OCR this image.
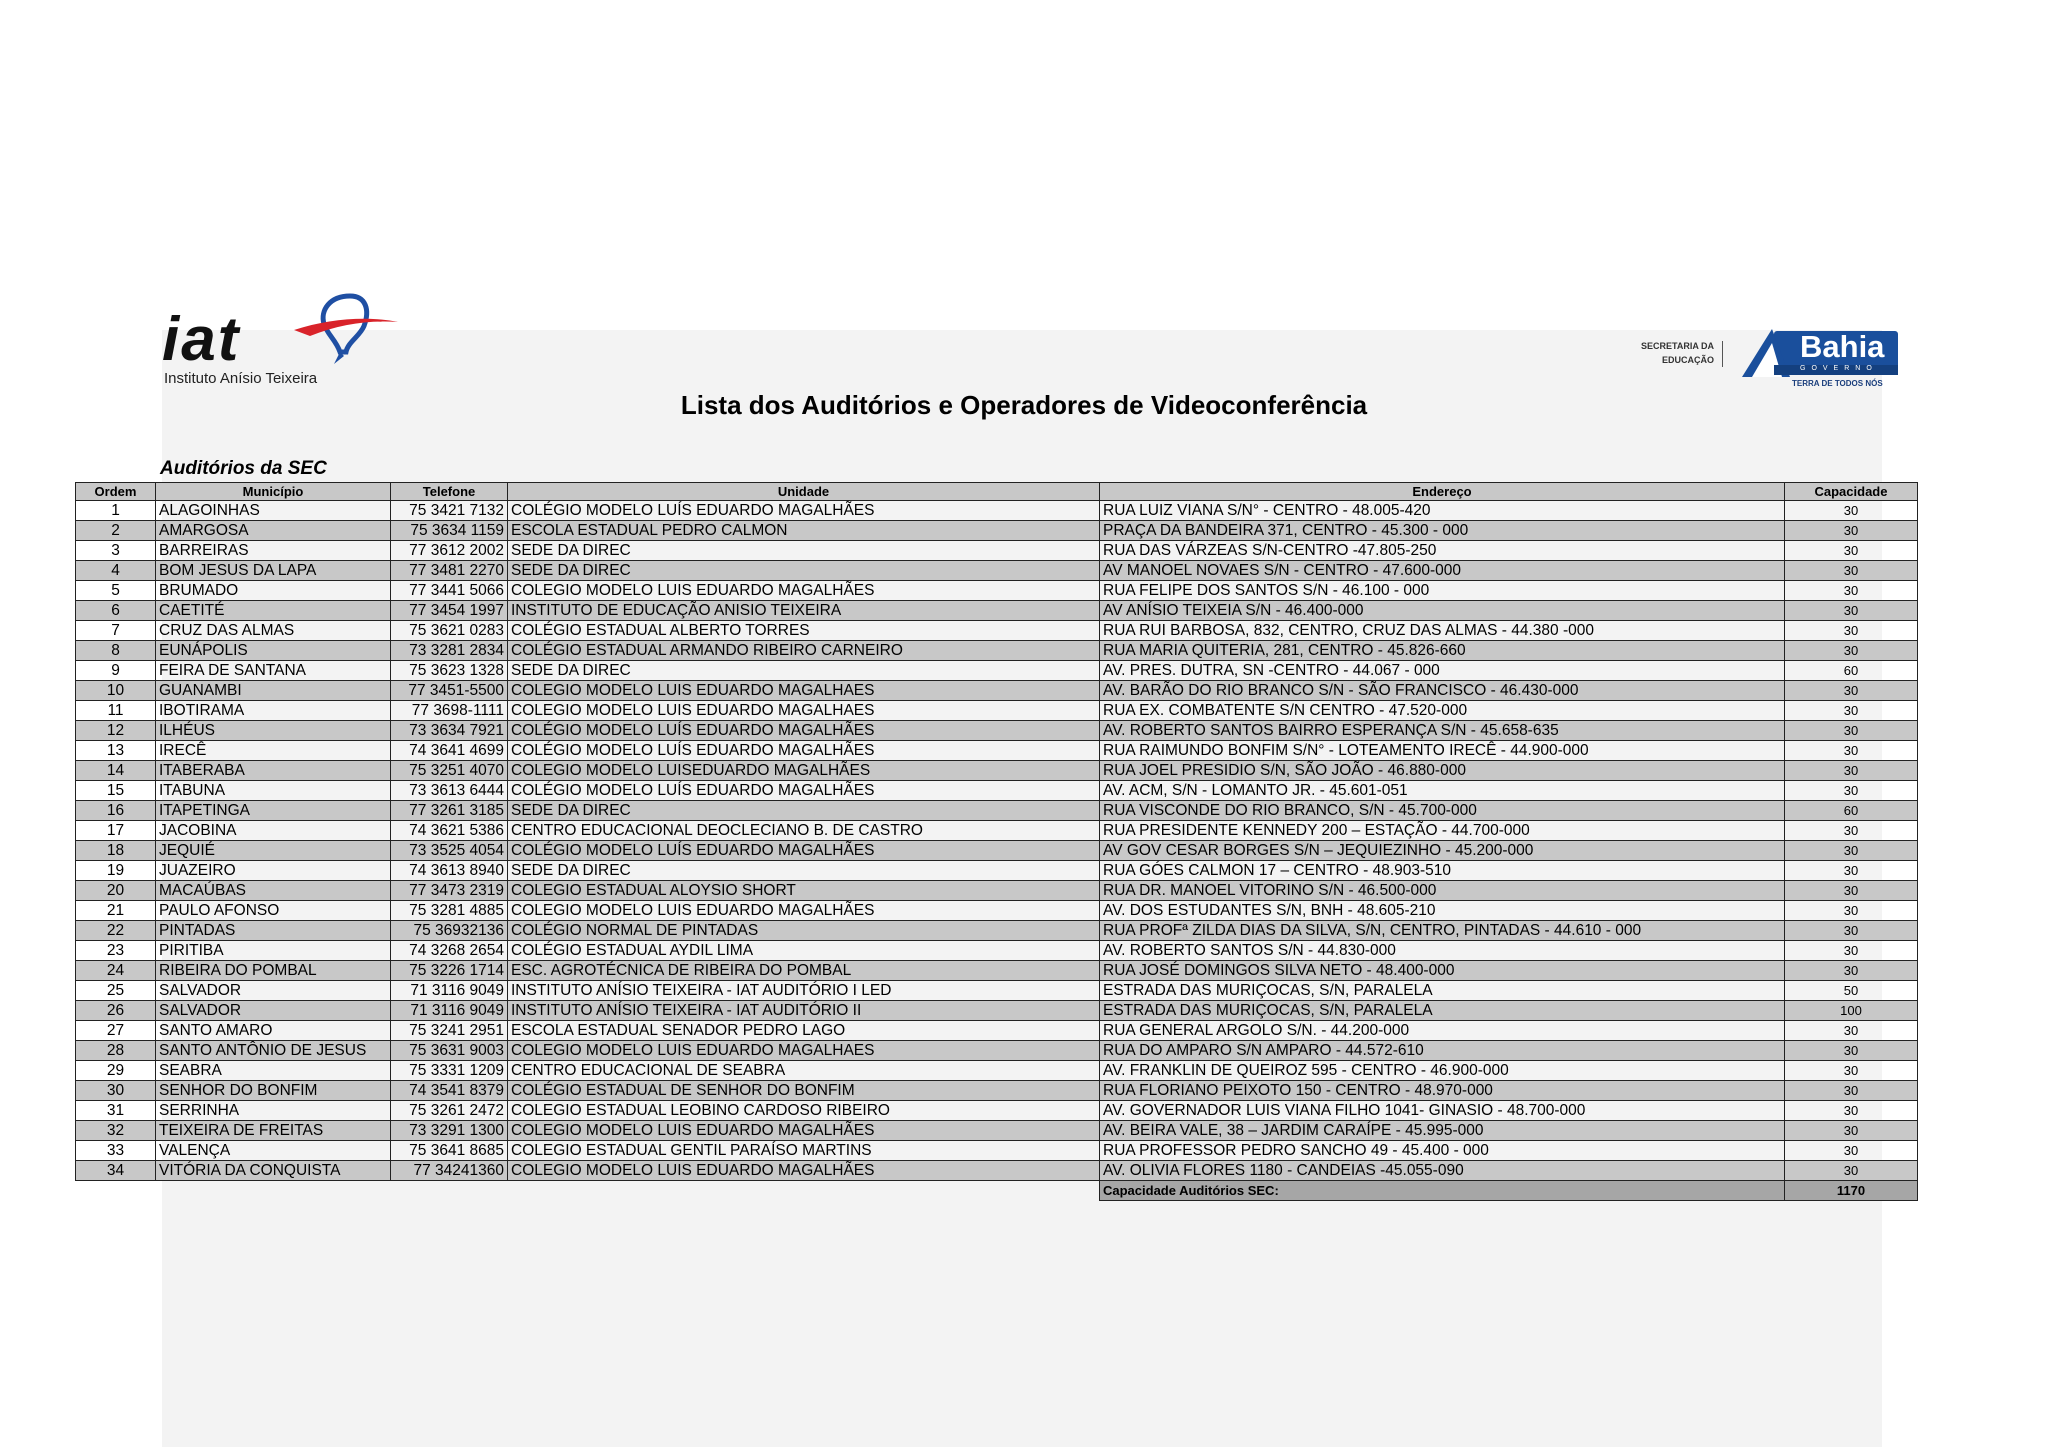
iat
Instituto Anísio Teixeira
SECRETARIA DA
EDUCAÇÃO	Bahia
GOVERNO
TERRA DE TODOS NÓS
Lista dos Auditórios e Operadores de Videoconferência
Auditórios da SEC
Ordem	Município	Telefone	Unidade	Endereço	Capacidade
1	ALAGOINHAS	75 3421 7132	COLÉGIO MODELO LUÍS EDUARDO MAGALHÃES	RUA LUIZ VIANA S/N° - CENTRO - 48.005-420	30
2	AMARGOSA	75 3634 1159	ESCOLA ESTADUAL PEDRO CALMON	PRAÇA DA BANDEIRA 371, CENTRO - 45.300 - 000	30
3	BARREIRAS	77 3612 2002	SEDE DA DIREC	RUA DAS VÁRZEAS S/N-CENTRO -47.805-250	30
4	BOM JESUS DA LAPA	77 3481 2270	SEDE DA DIREC	AV MANOEL NOVAES S/N - CENTRO - 47.600-000	30
5	BRUMADO	77 3441 5066	COLEGIO MODELO LUIS EDUARDO MAGALHÃES	RUA FELIPE DOS SANTOS S/N - 46.100 - 000	30
6	CAETITÉ	77 3454 1997	INSTITUTO DE EDUCAÇÃO ANISIO TEIXEIRA	AV ANÍSIO TEIXEIA S/N - 46.400-000	30
7	CRUZ DAS ALMAS	75 3621 0283	COLÉGIO ESTADUAL ALBERTO TORRES	RUA RUI BARBOSA, 832, CENTRO, CRUZ DAS ALMAS - 44.380 -000	30
8	EUNÁPOLIS	73 3281 2834	COLÉGIO ESTADUAL ARMANDO RIBEIRO CARNEIRO	RUA MARIA QUITERIA, 281, CENTRO - 45.826-660	30
9	FEIRA DE SANTANA	75 3623 1328	SEDE DA DIREC	AV. PRES. DUTRA, SN -CENTRO - 44.067 - 000	60
10	GUANAMBI	77 3451-5500	COLEGIO MODELO LUIS EDUARDO MAGALHAES	AV. BARÃO DO RIO BRANCO S/N - SÃO FRANCISCO - 46.430-000	30
11	IBOTIRAMA	77 3698-1111	COLEGIO MODELO LUIS EDUARDO MAGALHAES	RUA EX. COMBATENTE S/N CENTRO - 47.520-000	30
12	ILHÉUS	73 3634 7921	COLÉGIO MODELO LUÍS EDUARDO MAGALHÃES	AV. ROBERTO SANTOS BAIRRO ESPERANÇA S/N - 45.658-635	30
13	IRECÊ	74 3641 4699	COLÉGIO MODELO LUÍS EDUARDO MAGALHÃES	RUA RAIMUNDO BONFIM S/N° - LOTEAMENTO IRECÊ - 44.900-000	30
14	ITABERABA	75 3251 4070	COLEGIO MODELO LUISEDUARDO MAGALHÃES	RUA JOEL PRESIDIO S/N, SÃO JOÃO - 46.880-000	30
15	ITABUNA	73 3613 6444	COLÉGIO MODELO LUÍS EDUARDO MAGALHÃES	AV. ACM, S/N - LOMANTO JR. - 45.601-051	30
16	ITAPETINGA	77 3261 3185	SEDE DA DIREC	RUA VISCONDE DO RIO BRANCO, S/N - 45.700-000	60
17	JACOBINA	74 3621 5386	CENTRO EDUCACIONAL DEOCLECIANO B. DE CASTRO	RUA PRESIDENTE KENNEDY 200 – ESTAÇÃO - 44.700-000	30
18	JEQUIÉ	73 3525 4054	COLÉGIO MODELO LUÍS EDUARDO MAGALHÃES	AV GOV CESAR BORGES S/N – JEQUIEZINHO - 45.200-000	30
19	JUAZEIRO	74 3613 8940	SEDE DA DIREC	RUA GÓES CALMON 17 – CENTRO - 48.903-510	30
20	MACAÚBAS	77 3473 2319	COLEGIO ESTADUAL ALOYSIO SHORT	RUA DR. MANOEL VITORINO S/N - 46.500-000	30
21	PAULO AFONSO	75 3281 4885	COLEGIO MODELO LUIS EDUARDO MAGALHÃES	AV. DOS ESTUDANTES S/N, BNH - 48.605-210	30
22	PINTADAS	75 36932136	COLÉGIO NORMAL DE PINTADAS	RUA PROFª ZILDA DIAS DA SILVA, S/N, CENTRO, PINTADAS - 44.610 - 000	30
23	PIRITIBA	74 3268 2654	COLÉGIO ESTADUAL AYDIL LIMA	AV. ROBERTO SANTOS S/N - 44.830-000	30
24	RIBEIRA DO POMBAL	75 3226 1714	ESC. AGROTÉCNICA DE RIBEIRA DO POMBAL	RUA JOSÉ DOMINGOS SILVA NETO - 48.400-000	30
25	SALVADOR	71 3116 9049	INSTITUTO ANÍSIO TEIXEIRA - IAT AUDITÓRIO I LED	ESTRADA DAS MURIÇOCAS, S/N, PARALELA	50
26	SALVADOR	71 3116 9049	INSTITUTO ANÍSIO TEIXEIRA - IAT AUDITÓRIO II	ESTRADA DAS MURIÇOCAS, S/N, PARALELA	100
27	SANTO AMARO	75 3241 2951	ESCOLA ESTADUAL SENADOR PEDRO LAGO	RUA GENERAL ARGOLO S/N. - 44.200-000	30
28	SANTO ANTÔNIO DE JESUS	75 3631 9003	COLEGIO MODELO LUIS EDUARDO MAGALHAES	RUA DO AMPARO S/N AMPARO - 44.572-610	30
29	SEABRA	75 3331 1209	CENTRO EDUCACIONAL DE SEABRA	AV. FRANKLIN DE QUEIROZ 595 - CENTRO - 46.900-000	30
30	SENHOR DO BONFIM	74 3541 8379	COLÉGIO ESTADUAL DE SENHOR DO BONFIM	RUA FLORIANO PEIXOTO 150 - CENTRO - 48.970-000	30
31	SERRINHA	75 3261 2472	COLEGIO ESTADUAL LEOBINO CARDOSO RIBEIRO	AV. GOVERNADOR LUIS VIANA FILHO 1041- GINASIO - 48.700-000	30
32	TEIXEIRA DE FREITAS	73 3291 1300	COLEGIO MODELO LUIS EDUARDO MAGALHÃES	AV. BEIRA VALE, 38 – JARDIM CARAÍPE - 45.995-000	30
33	VALENÇA	75 3641 8685	COLEGIO ESTADUAL GENTIL PARAÍSO MARTINS	RUA PROFESSOR PEDRO SANCHO 49 - 45.400 - 000	30
34	VITÓRIA DA CONQUISTA	77 34241360	COLEGIO MODELO LUIS EDUARDO MAGALHÃES	AV. OLIVIA FLORES 1180 - CANDEIAS -45.055-090	30
				Capacidade Auditórios SEC:	1170
